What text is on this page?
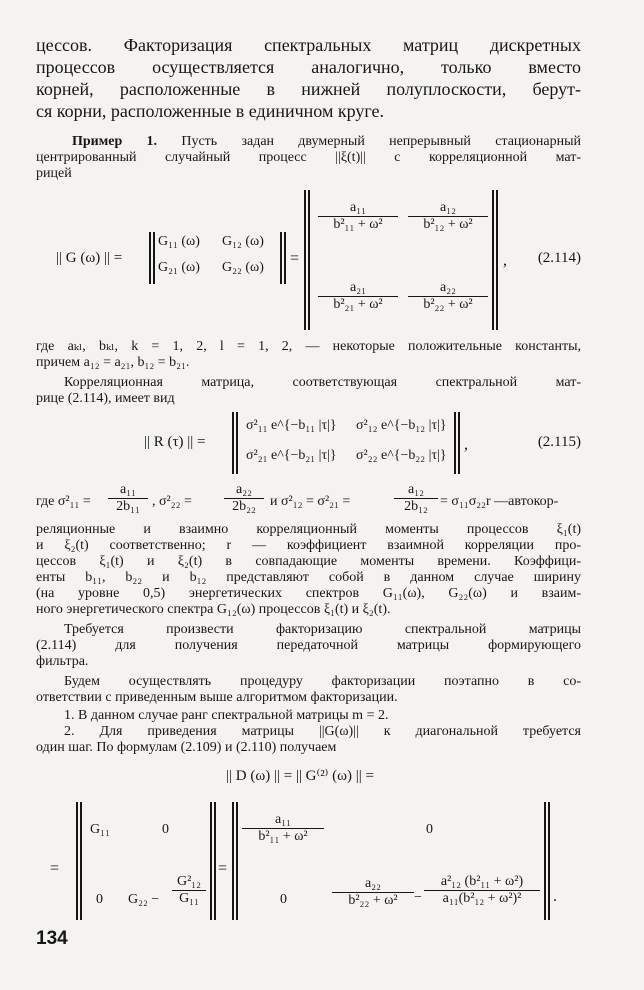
цессов. Факторизация спектральных матриц дискретных
процессов осуществляется аналогично, только вместо
корней, расположенные в нижней полуплоскости, берут-
ся корни, расположенные в единичном круге.
Пример 1. Пусть задан двумерный непрерывный стационарный
центрированный случайный процесс ||ξ(t)|| с корреляционной мат-
рицей
|| G (ω) || =
G₁₁ (ω) G₁₂ (ω)
G₂₁ (ω) G₂₂ (ω)
=
$\frac{\text{a₁₁}}{\text{b²₁₁ + ω²}} \frac{\text{a₁₂}}{\text{b²₁₂ + ω²}}$
$\frac{\text{a₂₁}}{\text{b²₂₁ + ω²}} \frac{\text{a₂₂}}{\text{b²₂₂ + ω²}}$
, (2.114)
где aₖₗ, bₖₗ, k = 1, 2, l = 1, 2, — некоторые положительные константы,
причем a₁₂ = a₂₁, b₁₂ = b₂₁.
Корреляционная матрица, соответствующая спектральной мат-
рице (2.114), имеет вид
|| R (τ) || =
σ²₁₁ e^{−b₁₁ |τ|} σ²₁₂ e^{−b₁₂ |τ|}
σ²₂₁ e^{−b₂₁ |τ|} σ²₂₂ e^{−b₂₂ |τ|}
,	(2.115)
где $\sigma^2_{11} = \frac{\text{a₁₁}}{\text{2b₁₁}}$ , $\sigma^2_{22} = \frac{\text{a₂₂}}{\text{2b₂₂}}$ и σ²₁₂ = σ²₂₁ =	$\frac{\text{a₁₂}}{\text{2b₁₂}} = \sigma_{11}\sigma_{22}r$ —автокор-
реляционные и взаимно корреляционный моменты процессов ξ₁(t)
и ξ₂(t) соответственно; r — коэффициент взаимной корреляции про-
цессов ξ₁(t) и ξ₂(t) в совпадающие моменты времени. Коэффици-
енты b₁₁, b₂₂ и b₁₂ представляют собой в данном случае ширину
(на уровне 0,5) энергетических спектров G₁₁(ω), G₂₂(ω) и взаим-
ного энергетического спектра G₁₂(ω) процессов ξ₁(t) и ξ₂(t).
Требуется произвести факторизацию спектральной матрицы
(2.114) для получения передаточной матрицы формирующего
фильтра.
Будем осуществлять процедуру факторизации поэтапно в со-
ответствии с приведенным выше алгоритмом факторизации.
1. В данном случае ранг спектральной матрицы m = 2.
2. Для приведения матрицы ||G(ω)|| к диагональной требуется
один шаг. По формулам (2.109) и (2.110) получаем
|| D (ω) || = || G⁽²⁾ (ω) || =
=
G₁₁	0
0 $G_{22} - \frac{\text{G²₁₂}}{\text{G₁₁}}$
=
$\frac{\text{a₁₁}}{\text{b²₁₁ + ω²}}$	0
0	$\frac{\text{a₂₂}}{\text{b²₂₂ + ω²}} - \frac{\text{a²₁₂ (b²₁₁ + ω²)}}{\text{a₁₁(b²₁₂ + ω²)²}}$ .
134
